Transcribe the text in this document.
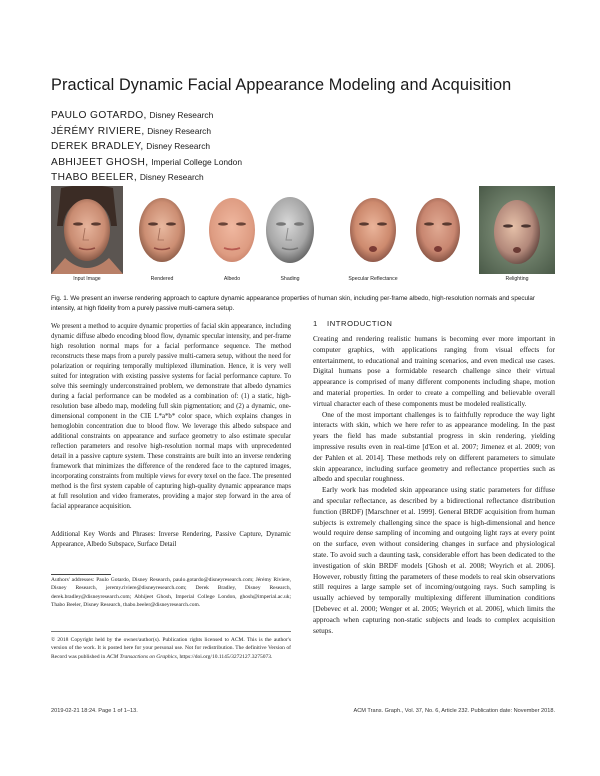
Practical Dynamic Facial Appearance Modeling and Acquisition
PAULO GOTARDO, Disney Research
JÉRÉMY RIVIERE, Disney Research
DEREK BRADLEY, Disney Research
ABHIJEET GHOSH, Imperial College London
THABO BEELER, Disney Research
Input Image	Rendered	Albedo	Shading	Specular Reflectance	Relighting
Fig. 1. We present an inverse rendering approach to capture dynamic appearance properties of human skin, including per-frame albedo, high-resolution normals and specular intensity, at high fidelity from a purely passive multi-camera setup.
We present a method to acquire dynamic properties of facial skin appearance, including dynamic diffuse albedo encoding blood flow, dynamic specular intensity, and per-frame high resolution normal maps for a facial performance sequence. The method reconstructs these maps from a purely passive multi-camera setup, without the need for polarization or requiring temporally multiplexed illumination. Hence, it is very well suited for integration with existing passive systems for facial performance capture. To solve this seemingly underconstrained problem, we demonstrate that albedo dynamics during a facial performance can be modeled as a combination of: (1) a static, high-resolution base albedo map, modeling full skin pigmentation; and (2) a dynamic, one-dimensional component in the CIE L*a*b* color space, which explains changes in hemoglobin concentration due to blood flow. We leverage this albedo subspace and additional constraints on appearance and surface geometry to also estimate specular reflection parameters and resolve high-resolution normal maps with unprecedented detail in a passive capture system. These constraints are built into an inverse rendering framework that minimizes the difference of the rendered face to the captured images, incorporating constraints from multiple views for every texel on the face. The presented method is the first system capable of capturing high-quality dynamic appearance maps at full resolution and video framerates, providing a major step forward in the area of facial appearance acquisition.
Additional Key Words and Phrases: Inverse Rendering, Passive Capture, Dynamic Appearance, Albedo Subspace, Surface Detail
Authors' addresses: Paulo Gotardo, Disney Research, paulo.gotardo@disneyresearch.com; Jérémy Riviere, Disney Research, jeremy.riviere@disneyresearch.com; Derek Bradley, Disney Research, derek.bradley@disneyresearch.com; Abhijeet Ghosh, Imperial College London, ghosh@imperial.ac.uk; Thabo Beeler, Disney Research, thabo.beeler@disneyresearch.com.
© 2018 Copyright held by the owner/author(s). Publication rights licensed to ACM. This is the author's version of the work. It is posted here for your personal use. Not for redistribution. The definitive Version of Record was published in ACM Transactions on Graphics, https://doi.org/10.1145/3272127.3275073.
1 INTRODUCTION

Creating and rendering realistic humans is becoming ever more important in computer graphics, with applications ranging from visual effects for entertainment, to educational and training scenarios, and even medical use cases. Digital humans pose a formidable research challenge since their virtual appearance is comprised of many different components including shape, motion and material properties. In order to create a compelling and believable overall virtual character each of these components must be modeled realistically.

One of the most important challenges is to faithfully reproduce the way light interacts with skin, which we here refer to as appearance modeling. In the past years the field has made substantial progress in skin rendering, yielding impressive results even in real-time [d'Eon et al. 2007; Jimenez et al. 2009; von der Pahlen et al. 2014]. These methods rely on different parameters to simulate skin appearance, including surface geometry and reflectance properties such as albedo and specular roughness.

Early work has modeled skin appearance using static parameters for diffuse and specular reflectance, as described by a bidirectional reflectance distribution function (BRDF) [Marschner et al. 1999]. General BRDF acquisition from human subjects is extremely challenging since the space is high-dimensional and hence would require dense sampling of incoming and outgoing light rays at every point on the surface, even without considering changes in surface and physiological state. To avoid such a daunting task, considerable effort has been dedicated to the investigation of skin BRDF models [Ghosh et al. 2008; Weyrich et al. 2006]. However, robustly fitting the parameters of these models to real skin observations still requires a large sample set of incoming/outgoing rays. Such sampling is usually achieved by temporally multiplexing different illumination conditions [Debevec et al. 2000; Wenger et al. 2005; Weyrich et al. 2006], which limits the approach when capturing non-static subjects and leads to complex acquisition setups.

2019-02-21 18:24. Page 1 of 1–13.	ACM Trans. Graph., Vol. 37, No. 6, Article 232. Publication date: November 2018.
